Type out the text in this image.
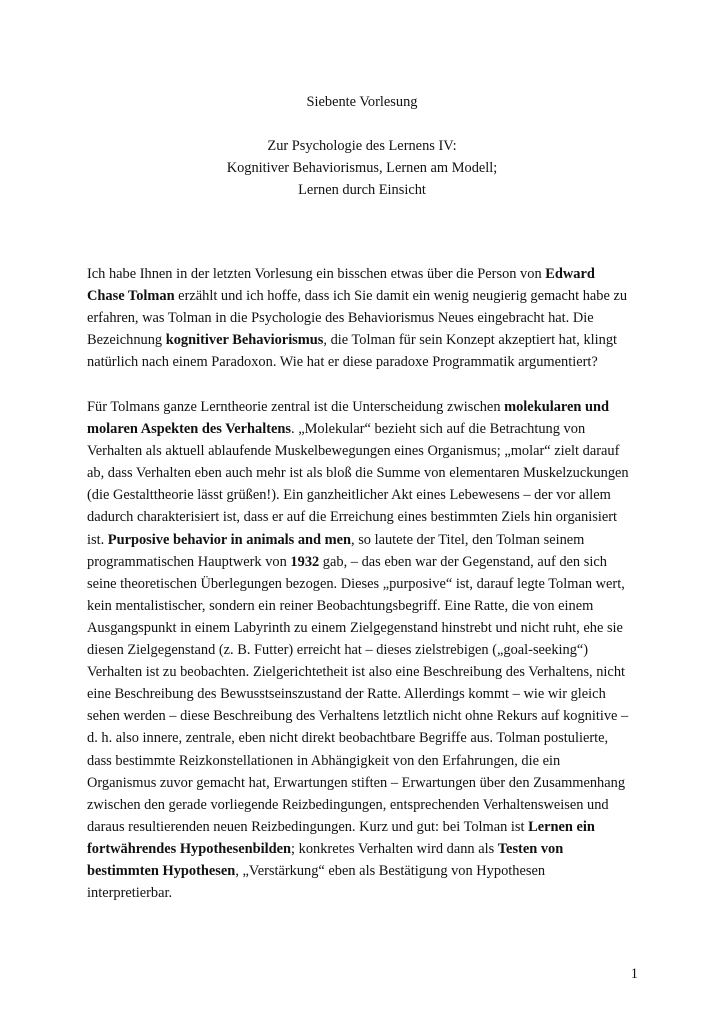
Siebente Vorlesung
Zur Psychologie des Lernens IV:
Kognitiver Behaviorismus, Lernen am Modell;
Lernen durch Einsicht
Ich habe Ihnen in der letzten Vorlesung ein bisschen etwas über die Person von Edward
Chase Tolman erzählt und ich hoffe, dass ich Sie damit ein wenig neugierig gemacht habe zu
erfahren, was Tolman in die Psychologie des Behaviorismus Neues eingebracht hat. Die
Bezeichnung kognitiver Behaviorismus, die Tolman für sein Konzept akzeptiert hat, klingt
natürlich nach einem Paradoxon. Wie hat er diese paradoxe Programmatik argumentiert?
Für Tolmans ganze Lerntheorie zentral ist die Unterscheidung zwischen molekularen und
molaren Aspekten des Verhaltens. „Molekular“ bezieht sich auf die Betrachtung von
Verhalten als aktuell ablaufende Muskelbewegungen eines Organismus; „molar“ zielt darauf
ab, dass Verhalten eben auch mehr ist als bloß die Summe von elementaren Muskelzuckungen
(die Gestalttheorie lässt grüßen!). Ein ganzheitlicher Akt eines Lebewesens – der vor allem
dadurch charakterisiert ist, dass er auf die Erreichung eines bestimmten Ziels hin organisiert
ist. Purposive behavior in animals and men, so lautete der Titel, den Tolman seinem
programmatischen Hauptwerk von 1932 gab, – das eben war der Gegenstand, auf den sich
seine theoretischen Überlegungen bezogen. Dieses „purposive“ ist, darauf legte Tolman wert,
kein mentalistischer, sondern ein reiner Beobachtungsbegriff. Eine Ratte, die von einem
Ausgangspunkt in einem Labyrinth zu einem Zielgegenstand hinstrebt und nicht ruht, ehe sie
diesen Zielgegenstand (z. B. Futter) erreicht hat – dieses zielstrebigen („goal-seeking“)
Verhalten ist zu beobachten. Zielgerichtetheit ist also eine Beschreibung des Verhaltens, nicht
eine Beschreibung des Bewusstseinszustand der Ratte. Allerdings kommt – wie wir gleich
sehen werden – diese Beschreibung des Verhaltens letztlich nicht ohne Rekurs auf kognitive –
d. h. also innere, zentrale, eben nicht direkt beobachtbare Begriffe aus. Tolman postulierte,
dass bestimmte Reizkonstellationen in Abhängigkeit von den Erfahrungen, die ein
Organismus zuvor gemacht hat, Erwartungen stiften – Erwartungen über den Zusammenhang
zwischen den gerade vorliegende Reizbedingungen, entsprechenden Verhaltensweisen und
daraus resultierenden neuen Reizbedingungen. Kurz und gut: bei Tolman ist Lernen ein
fortwährendes Hypothesenbilden; konkretes Verhalten wird dann als Testen von
bestimmten Hypothesen, „Verstärkung“ eben als Bestätigung von Hypothesen
interpretierbar.
1
